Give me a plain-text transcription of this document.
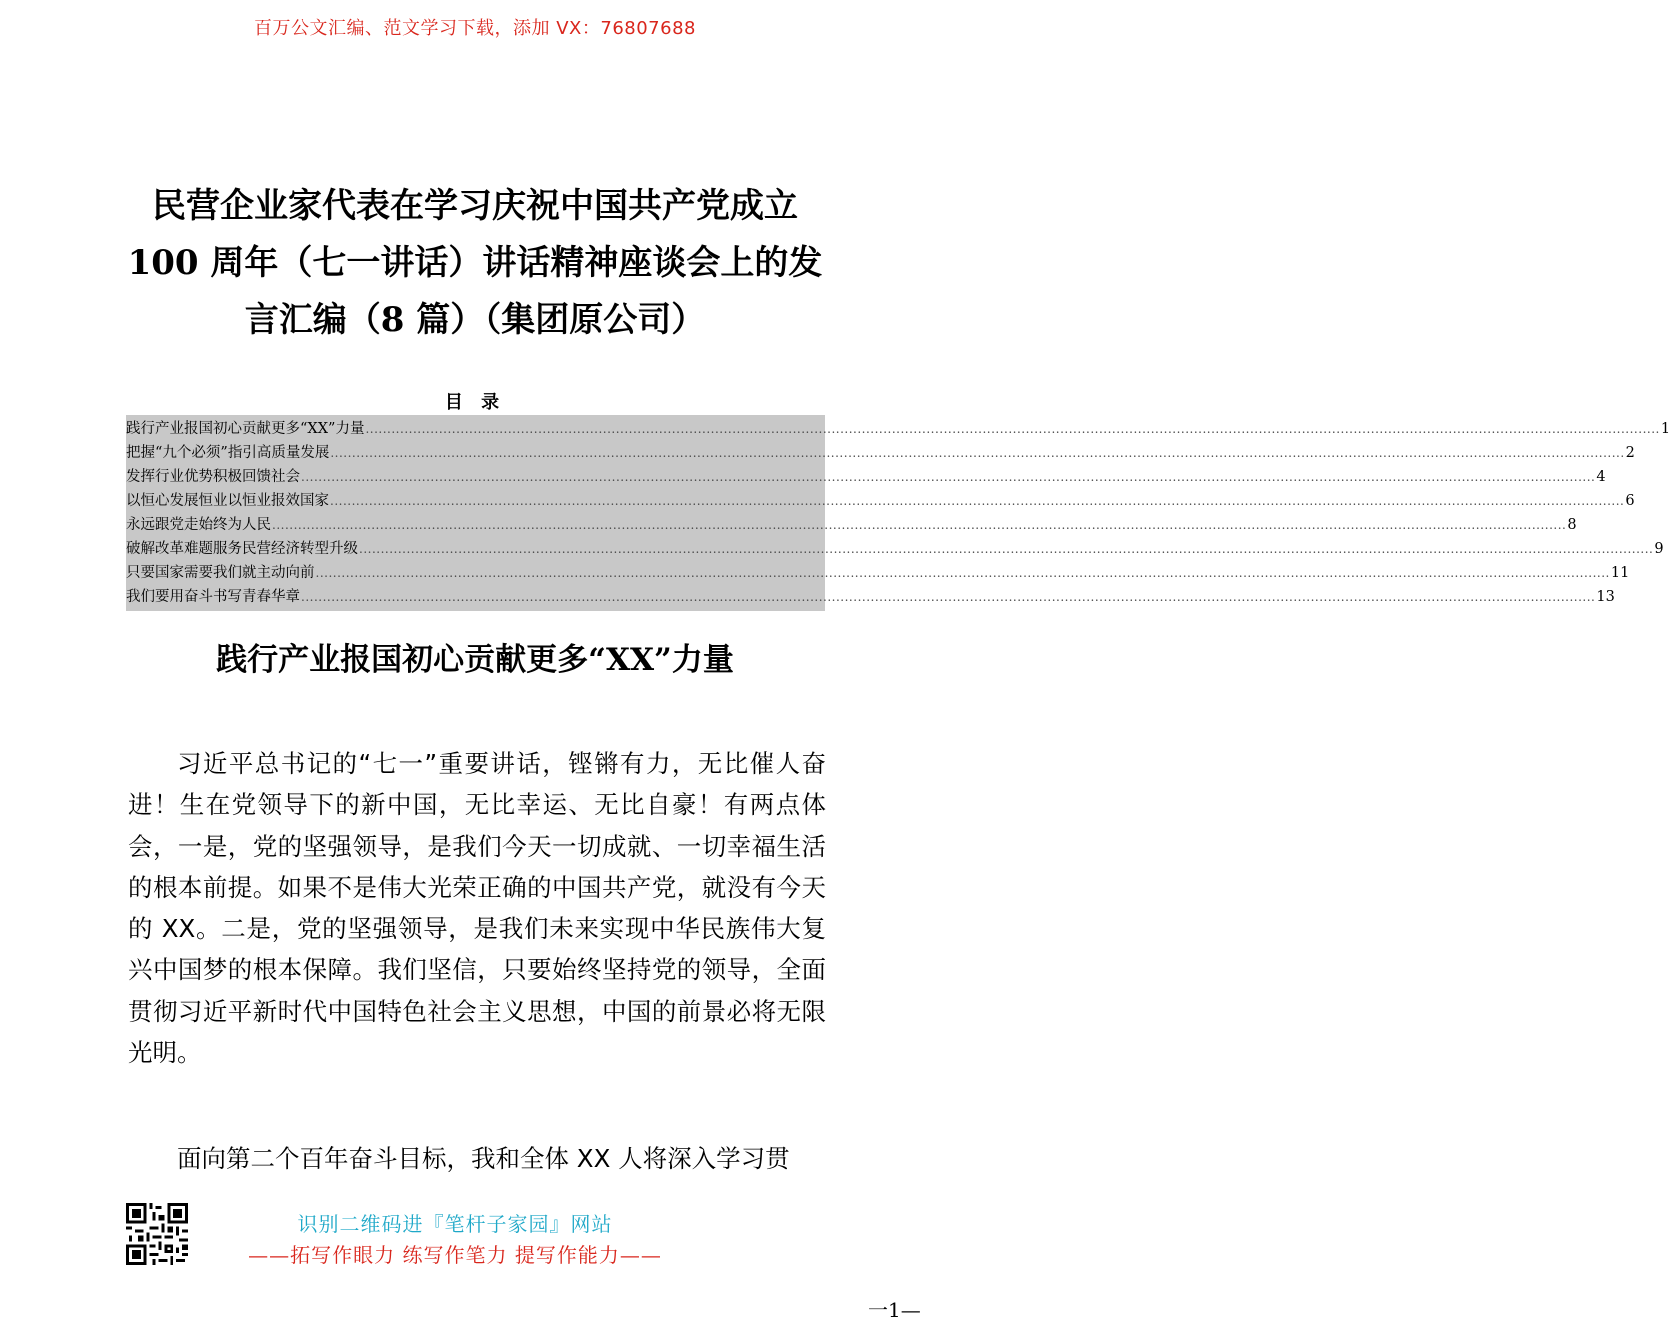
百万公文汇编、范文学习下载，添加 VX：76807688
民营企业家代表在学习庆祝中国共产党成立
100 周年（七一讲话）讲话精神座谈会上的发
言汇编（8 篇）（集团原公司）
目 录
践行产业报国初心贡献更多“XX”力量 ............................................................................................................................................................................................................................................................................................................ 1
把握“九个必须”指引高质量发展 ............................................................................................................................................................................................................................................................................................................ 2
发挥行业优势积极回馈社会 ............................................................................................................................................................................................................................................................................................................ 4
以恒心发展恒业以恒业报效国家 ............................................................................................................................................................................................................................................................................................................ 6
永远跟党走始终为人民 ............................................................................................................................................................................................................................................................................................................ 8
破解改革难题服务民营经济转型升级 ............................................................................................................................................................................................................................................................................................................ 9
只要国家需要我们就主动向前 ............................................................................................................................................................................................................................................................................................................ 11
我们要用奋斗书写青春华章 ............................................................................................................................................................................................................................................................................................................ 13
践行产业报国初心贡献更多“XX”力量

习近平总书记的“七一”重要讲话，铿锵有力，无比催人奋进！生在党领导下的新中国，无比幸运、无比自豪！有两点体会，一是，党的坚强领导，是我们今天一切成就、一切幸福生活的根本前提。如果不是伟大光荣正确的中国共产党，就没有今天的 XX。二是，党的坚强领导，是我们未来实现中华民族伟大复兴中国梦的根本保障。我们坚信，只要始终坚持党的领导，全面贯彻习近平新时代中国特色社会主义思想，中国的前景必将无限光明。

面向第二个百年奋斗目标，我和全体 XX 人将深入学习贯

识别二维码进『笔杆子家园』网站
——拓写作眼力 练写作笔力 提写作能力——
一1—
